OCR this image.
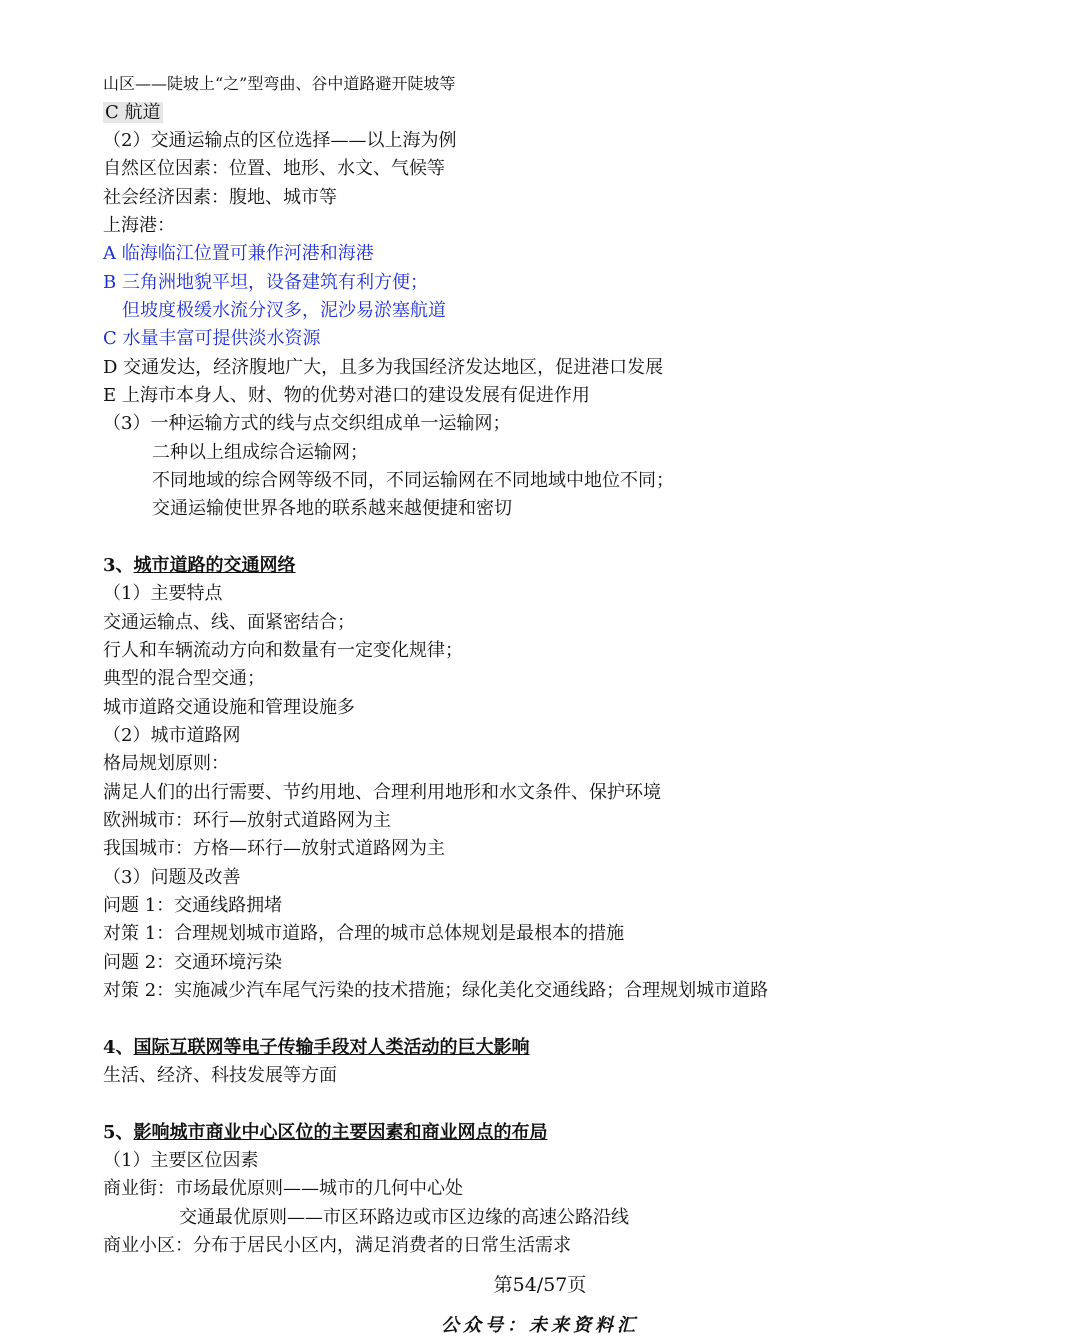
山区——陡坡上“之”型弯曲、谷中道路避开陡坡等
C 航道
（2）交通运输点的区位选择——以上海为例
自然区位因素：位置、地形、水文、气候等
社会经济因素：腹地、城市等
上海港：
A 临海临江位置可兼作河港和海港
B 三角洲地貌平坦，设备建筑有利方便；
但坡度极缓水流分汊多，泥沙易淤塞航道
C 水量丰富可提供淡水资源
D 交通发达，经济腹地广大，且多为我国经济发达地区，促进港口发展
E 上海市本身人、财、物的优势对港口的建设发展有促进作用
（3）一种运输方式的线与点交织组成单一运输网；
二种以上组成综合运输网；
不同地域的综合网等级不同，不同运输网在不同地域中地位不同；
交通运输使世界各地的联系越来越便捷和密切
3、城市道路的交通网络
（1）主要特点
交通运输点、线、面紧密结合；
行人和车辆流动方向和数量有一定变化规律；
典型的混合型交通；
城市道路交通设施和管理设施多
（2）城市道路网
格局规划原则：
满足人们的出行需要、节约用地、合理利用地形和水文条件、保护环境
欧洲城市：环行—放射式道路网为主
我国城市：方格—环行—放射式道路网为主
（3）问题及改善
问题 1：交通线路拥堵
对策 1：合理规划城市道路，合理的城市总体规划是最根本的措施
问题 2：交通环境污染
对策 2：实施减少汽车尾气污染的技术措施；绿化美化交通线路；合理规划城市道路
4、国际互联网等电子传输手段对人类活动的巨大影响
生活、经济、科技发展等方面
5、影响城市商业中心区位的主要因素和商业网点的布局
（1）主要区位因素
商业街：市场最优原则——城市的几何中心处
交通最优原则——市区环路边或市区边缘的高速公路沿线
商业小区：分布于居民小区内，满足消费者的日常生活需求
第54/57页
公众号：未来资料汇
